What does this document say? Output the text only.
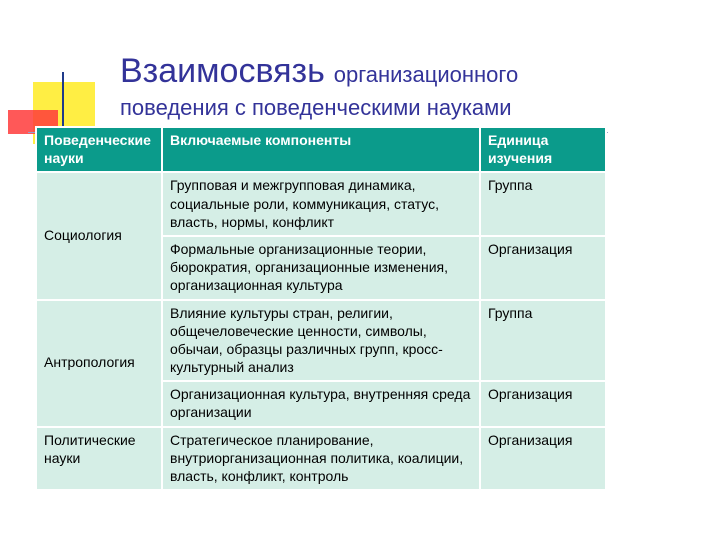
Взаимосвязь организационного
поведения с поведенческими науками
Поведенческие науки	Включаемые компоненты	Единица изучения
Социология	Групповая и межгрупповая динамика, социальные роли, коммуникация, статус, власть, нормы, конфликт	Группа
	Формальные организационные теории, бюрократия, организационные изменения, организационная культура	Организация
Антропология	Влияние культуры стран, религии, общечеловеческие ценности, символы, обычаи, образцы различных групп, кросс-культурный анализ	Группа
	Организационная культура, внутренняя среда организации	Организация
Политические науки	Стратегическое планирование, внутриорганизационная политика, коалиции, власть, конфликт, контроль	Организация
